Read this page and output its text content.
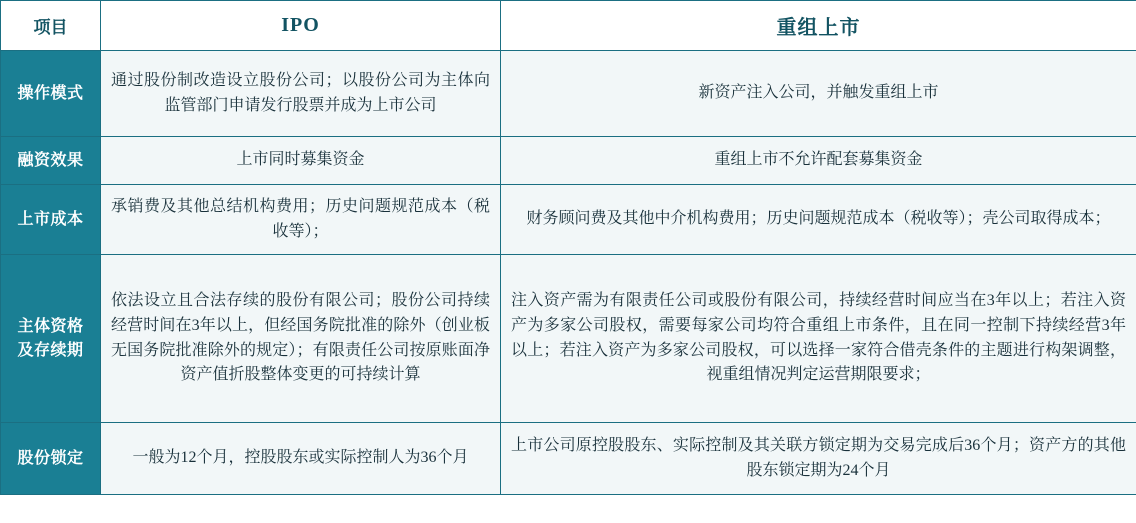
项目	IPO	重组上市
操作模式	通过股份制改造设立股份公司；以股份公司为主体向监管部门申请发行股票并成为上市公司	新资产注入公司，并触发重组上市
融资效果	上市同时募集资金	重组上市不允许配套募集资金
上市成本	承销费及其他总结机构费用；历史问题规范成本（税收等）；	财务顾问费及其他中介机构费用；历史问题规范成本（税收等）；壳公司取得成本；
主体资格及存续期	依法设立且合法存续的股份有限公司；股份公司持续经营时间在3年以上，但经国务院批准的除外（创业板无国务院批准除外的规定）；有限责任公司按原账面净资产值折股整体变更的可持续计算	注入资产需为有限责任公司或股份有限公司，持续经营时间应当在3年以上；若注入资产为多家公司股权，需要每家公司均符合重组上市条件，且在同一控制下持续经营3年以上；若注入资产为多家公司股权，可以选择一家符合借壳条件的主题进行构架调整，视重组情况判定运营期限要求；
股份锁定	一般为12个月，控股股东或实际控制人为36个月	上市公司原控股股东、实际控制及其关联方锁定期为交易完成后36个月；资产方的其他股东锁定期为24个月
